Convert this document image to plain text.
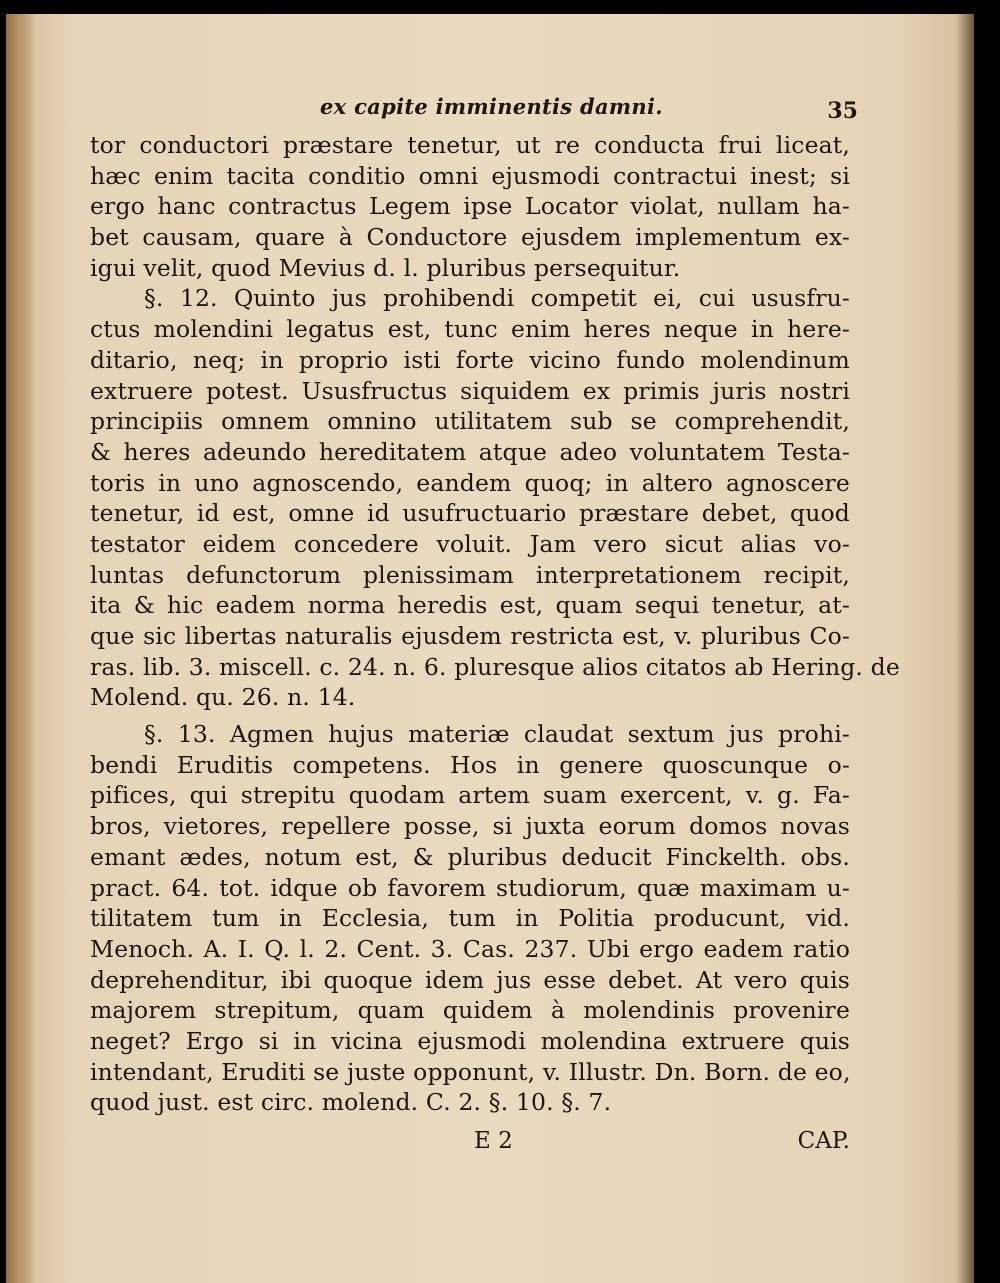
ex capite imminentis damni.	35
tor conductori præstare tenetur, ut re conducta frui liceat,
hæc enim tacita conditio omni ejusmodi contractui inest; si
ergo hanc contractus Legem ipse Locator violat, nullam ha-
bet causam, quare à Conductore ejusdem implementum ex-
igui velit, quod Mevius d. l. pluribus persequitur.
§. 12. Quinto jus prohibendi competit ei, cui ususfru-
ctus molendini legatus est, tunc enim heres neque in here-
ditario, neq; in proprio isti forte vicino fundo molendinum
extruere potest. Ususfructus siquidem ex primis juris nostri
principiis omnem omnino utilitatem sub se comprehendit,
& heres adeundo hereditatem atque adeo voluntatem Testa-
toris in uno agnoscendo, eandem quoq; in altero agnoscere
tenetur, id est, omne id usufructuario præstare debet, quod
testator eidem concedere voluit. Jam vero sicut alias vo-
luntas defunctorum plenissimam interpretationem recipit,
ita & hic eadem norma heredis est, quam sequi tenetur, at-
que sic libertas naturalis ejusdem restricta est, v. pluribus Co-
ras. lib. 3. miscell. c. 24. n. 6. pluresque alios citatos ab Hering. de
Molend. qu. 26. n. 14.
§. 13. Agmen hujus materiæ claudat sextum jus prohi-
bendi Eruditis competens. Hos in genere quoscunque o-
pifices, qui strepitu quodam artem suam exercent, v. g. Fa-
bros, vietores, repellere posse, si juxta eorum domos novas
emant ædes, notum est, & pluribus deducit Finckelth. obs.
pract. 64. tot. idque ob favorem studiorum, quæ maximam u-
tilitatem tum in Ecclesia, tum in Politia producunt, vid.
Menoch. A. I. Q. l. 2. Cent. 3. Cas. 237. Ubi ergo eadem ratio
deprehenditur, ibi quoque idem jus esse debet. At vero quis
majorem strepitum, quam quidem à molendinis provenire
neget? Ergo si in vicina ejusmodi molendina extruere quis
intendant, Eruditi se juste opponunt, v. Illustr. Dn. Born. de eo,
quod just. est circ. molend. C. 2. §. 10. §. 7.
E 2	CAP.
